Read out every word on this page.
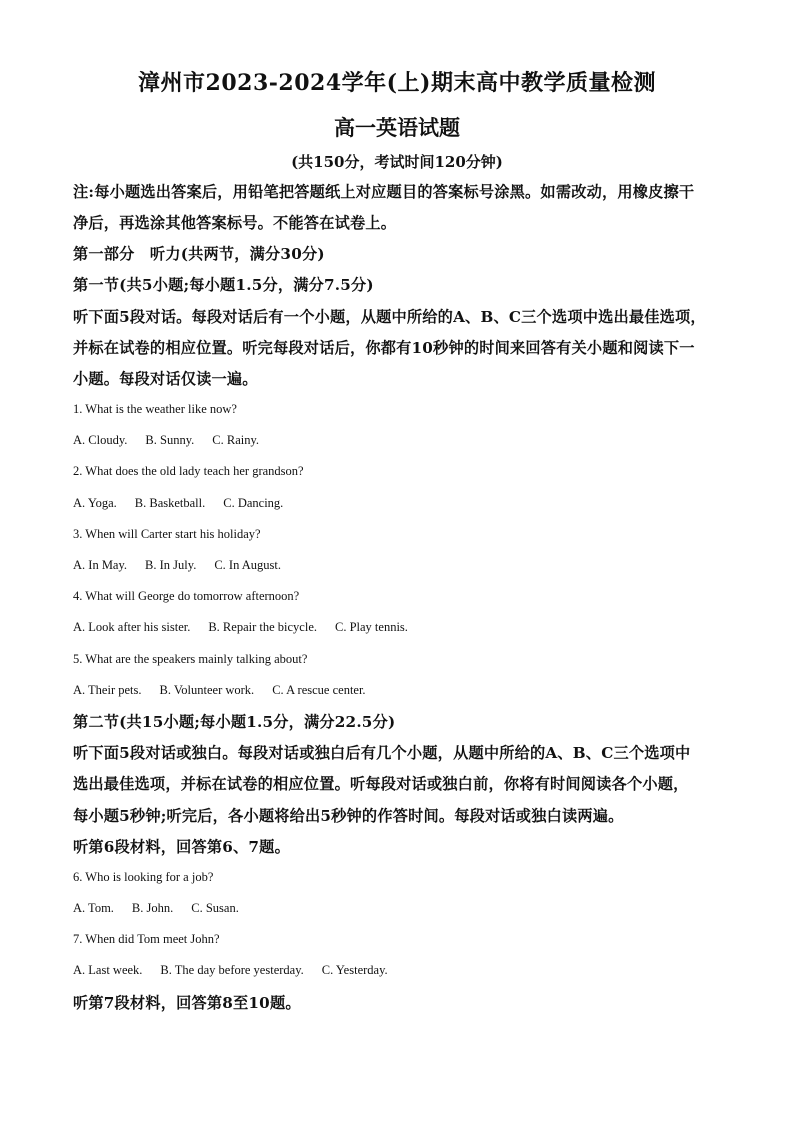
漳州市2023-2024学年(上)期末高中教学质量检测
高一英语试题
(共150分，考试时间120分钟)
注:每小题选出答案后，用铅笔把答题纸上对应题目的答案标号涂黑。如需改动，用橡皮擦干
净后，再选涂其他答案标号。不能答在试卷上。
第一部分　听力(共两节，满分30分)
第一节(共5小题;每小题1.5分，满分7.5分)
听下面5段对话。每段对话后有一个小题，从题中所给的A、B、C三个选项中选出最佳选项，
并标在试卷的相应位置。听完每段对话后，你都有10秒钟的时间来回答有关小题和阅读下一
小题。每段对话仅读一遍。
1. What is the weather like now?
A. Cloudy. B. Sunny. C. Rainy.
2. What does the old lady teach her grandson?
A. Yoga. B. Basketball. C. Dancing.
3. When will Carter start his holiday?
A. In May. B. In July. C. In August.
4. What will George do tomorrow afternoon?
A. Look after his sister. B. Repair the bicycle. C. Play tennis.
5. What are the speakers mainly talking about?
A. Their pets. B. Volunteer work. C. A rescue center.
第二节(共15小题;每小题1.5分，满分22.5分)
听下面5段对话或独白。每段对话或独白后有几个小题，从题中所给的A、B、C三个选项中
选出最佳选项，并标在试卷的相应位置。听每段对话或独白前，你将有时间阅读各个小题，
每小题5秒钟;听完后，各小题将给出5秒钟的作答时间。每段对话或独白读两遍。
听第6段材料，回答第6、7题。
6. Who is looking for a job?
A. Tom. B. John. C. Susan.
7. When did Tom meet John?
A. Last week. B. The day before yesterday. C. Yesterday.
听第7段材料，回答第8至10题。
